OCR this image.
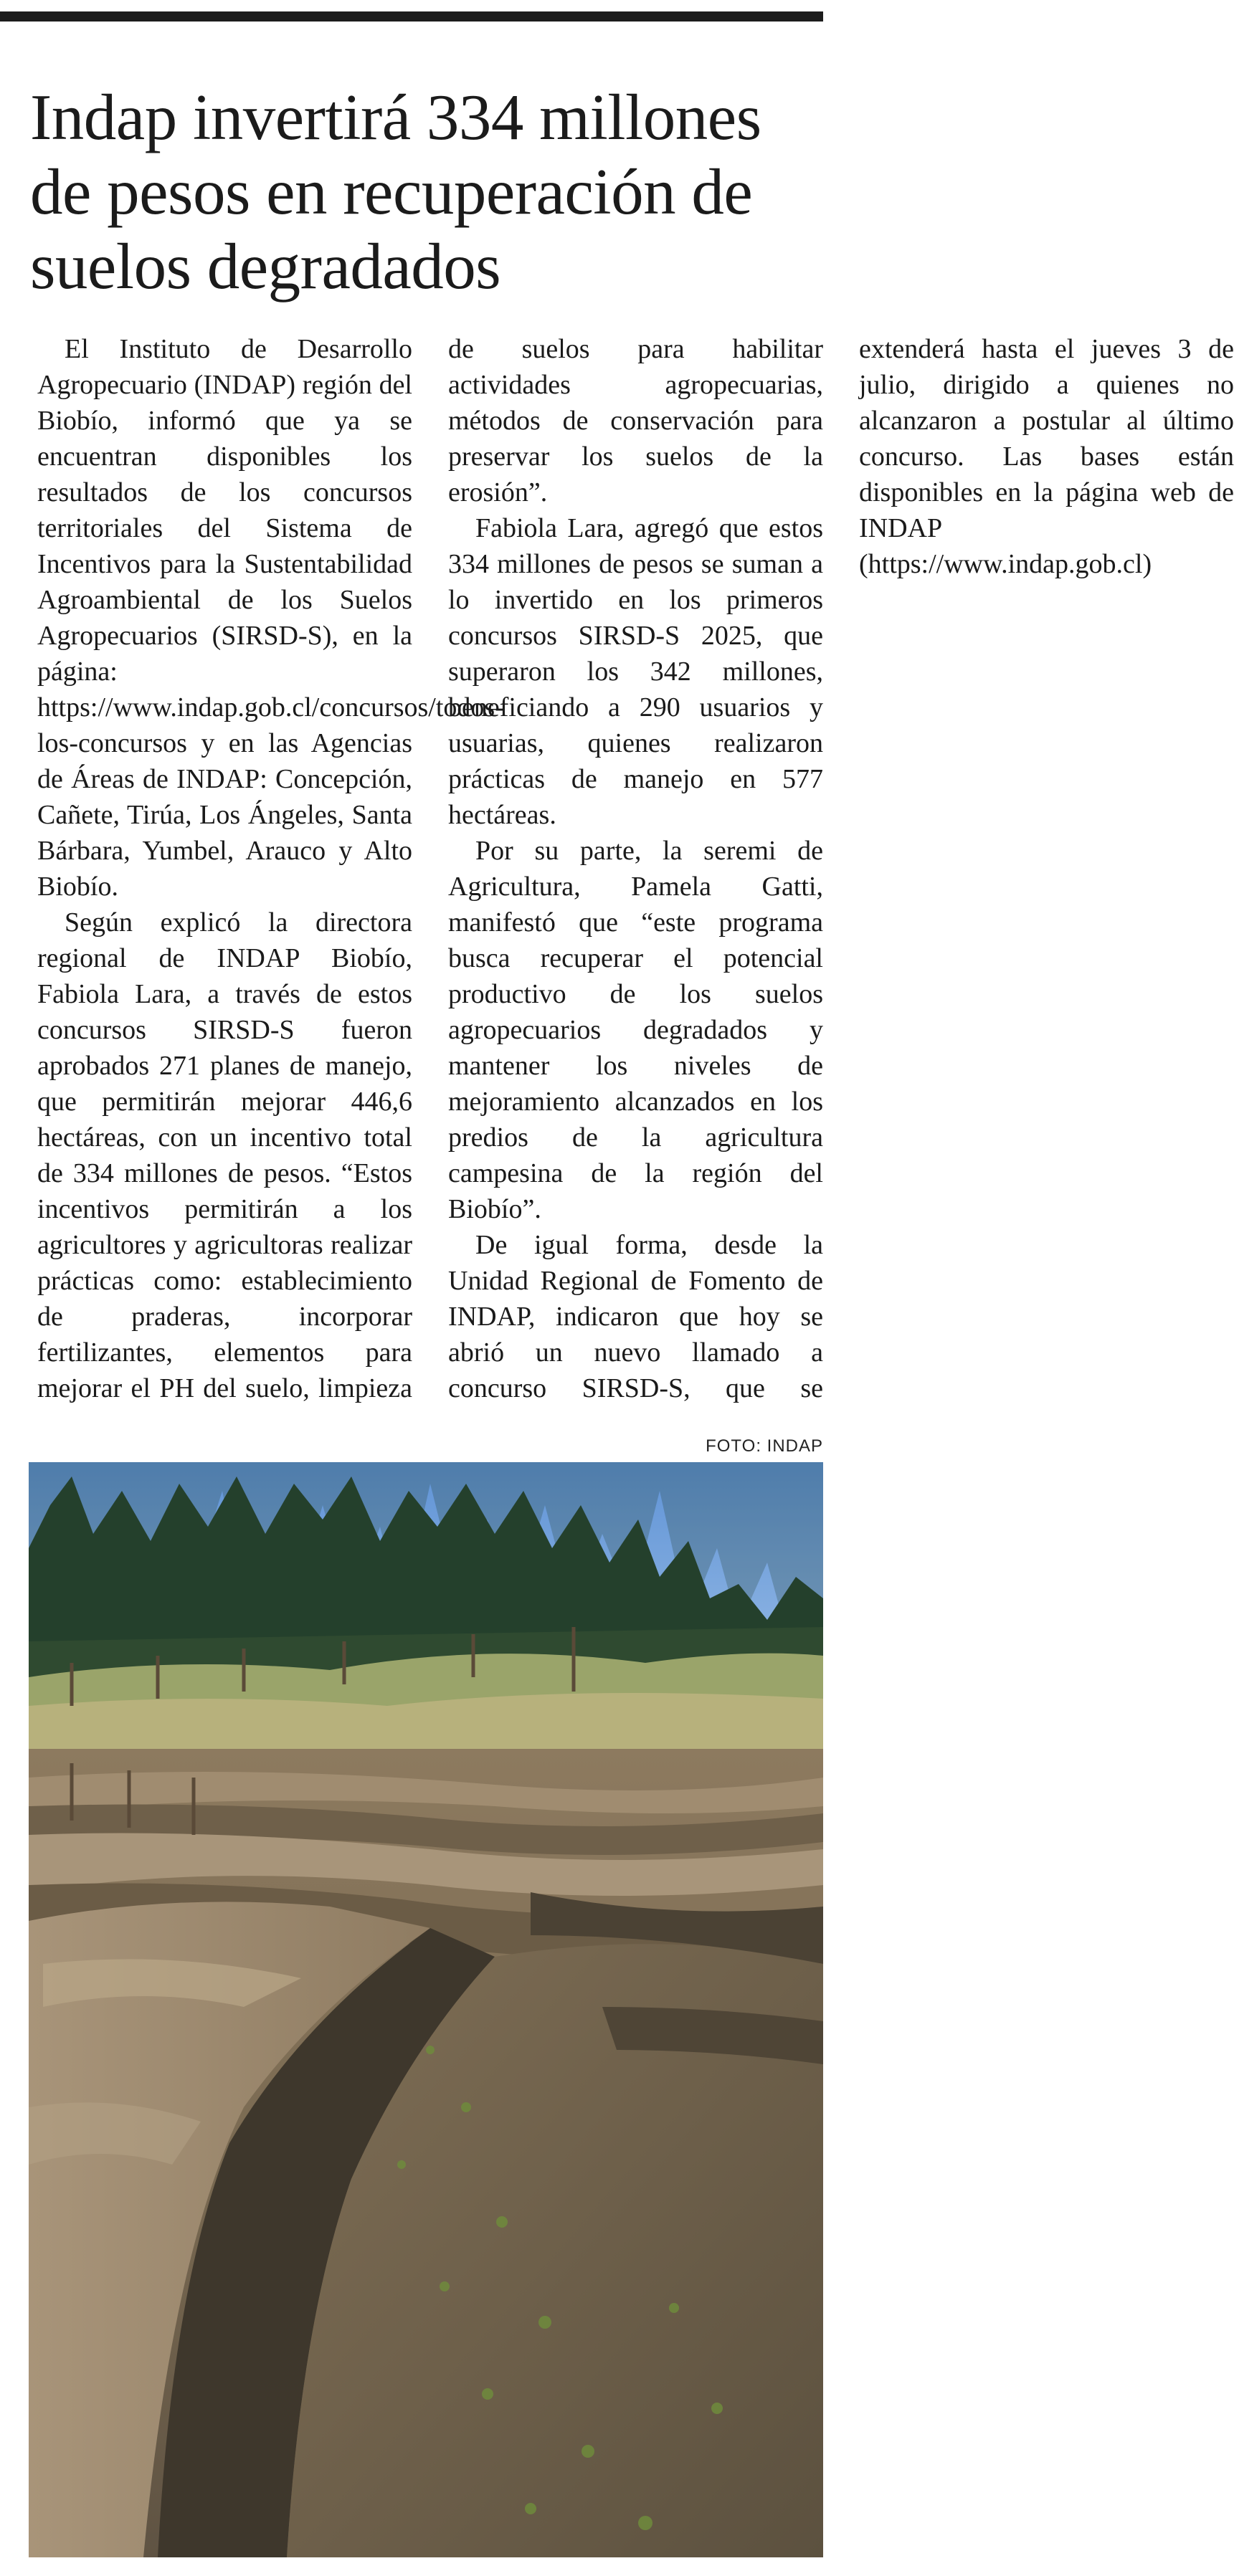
Indap invertirá 334 millones de pesos en recuperación de suelos degradados

El Instituto de Desarrollo Agropecuario (INDAP) región del Biobío, informó que ya se encuentran disponibles los resultados de los concursos territoriales del Sistema de Incentivos para la Sustentabilidad Agroambiental de los Suelos Agropecuarios (SIRSD-S), en la página: https://www.indap.gob.cl/concursos/todos-los-concursos y en las Agencias de Áreas de INDAP: Concepción, Cañete, Tirúa, Los Ángeles, Santa Bárbara, Yumbel, Arauco y Alto Biobío.

Según explicó la directora regional de INDAP Biobío, Fabiola Lara, a través de estos concursos SIRSD-S fueron aprobados 271 planes de manejo, que permitirán mejorar 446,6 hectáreas, con un incentivo total de 334 millones de pesos. “Estos incentivos permitirán a los agricultores y agricultoras realizar prácticas como: establecimiento de praderas, incorporar fertilizantes, elementos para mejorar el PH del suelo, limpieza de suelos para habilitar actividades agropecuarias, métodos de conservación para preservar los suelos de la erosión”.

Fabiola Lara, agregó que estos 334 millones de pesos se suman a lo invertido en los primeros concursos SIRSD-S 2025, que superaron los 342 millones, beneficiando a 290 usuarios y usuarias, quienes realizaron prácticas de manejo en 577 hectáreas.

Por su parte, la seremi de Agricultura, Pamela Gatti, manifestó que “este programa busca recuperar el potencial productivo de los suelos agropecuarios degradados y mantener los niveles de mejoramiento alcanzados en los predios de la agricultura campesina de la región del Biobío”.

De igual forma, desde la Unidad Regional de Fomento de INDAP, indicaron que hoy se abrió un nuevo llamado a concurso SIRSD-S, que se extenderá hasta el jueves 3 de julio, dirigido a quienes no alcanzaron a postular al último concurso. Las bases están disponibles en la página web de INDAP (https://www.indap.gob.cl)

FOTO: INDAP
